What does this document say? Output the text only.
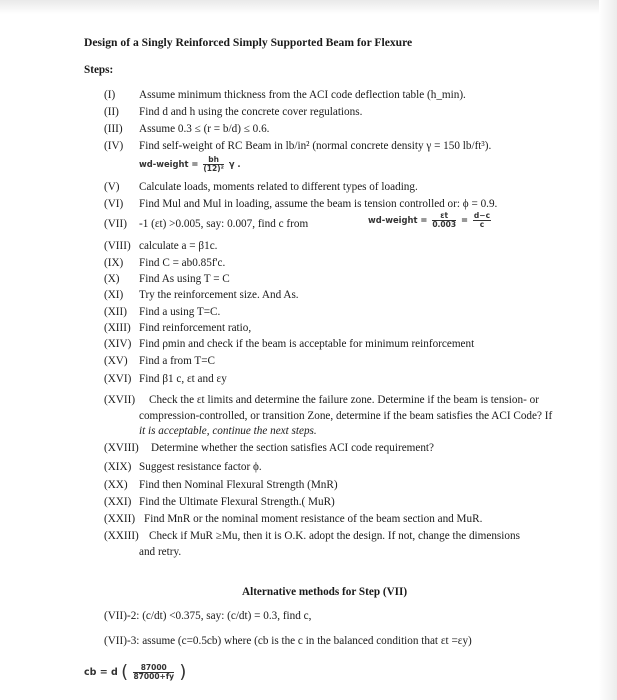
Design of a Singly Reinforced Simply Supported Beam for Flexure
Steps:
(I) Assume minimum thickness from the ACI code deflection table (h_min).
(II) Find d and h using the concrete cover regulations.
(III) Assume 0.3 ≤ (r = b/d) ≤ 0.6.
(IV) Find self-weight of RC Beam in lb/in² (normal concrete density γ = 150 lb/ft³).
wd-weight = $\frac{bh}{\text{(12)²}}$ γ .
(V) Calculate loads, moments related to different types of loading.
(VI) Find Mul and Mul in loading, assume the beam is tension controlled or: ϕ = 0.9.
(VII) -1 (εt) >0.005, say: 0.007, find c from	wd-weight = $\frac{\varepsilon t}{0.003} = \frac{d-c}{c}$
(VIII) calculate a = β1c.
(IX) Find C = ab0.85f'c.
(X) Find As using T = C
(XI) Try the reinforcement size. And As.
(XII) Find a using T=C.
(XIII) Find reinforcement ratio,
(XIV) Find ρmin and check if the beam is acceptable for minimum reinforcement
(XV) Find a from T=C
(XVI) Find β1 c, εt and εy
(XVII) Check the εt limits and determine the failure zone. Determine if the beam is tension- or
compression-controlled, or transition Zone, determine if the beam satisfies the ACI Code? If
it is acceptable, continue the next steps.
(XVIII) Determine whether the section satisfies ACI code requirement?
(XIX) Suggest resistance factor ϕ.
(XX) Find then Nominal Flexural Strength (MnR)
(XXI) Find the Ultimate Flexural Strength.( MuR)
(XXII) Find MnR or the nominal moment resistance of the beam section and MuR.
(XXIII) Check if MuR ≥Mu, then it is O.K. adopt the design. If not, change the dimensions
and retry.
Alternative methods for Step (VII)
(VII)-2: (c/dt) <0.375, say: (c/dt) = 0.3, find c,
(VII)-3: assume (c=0.5cb) where (cb is the c in the balanced condition that εt =εy)
cb = d ( $\frac{87000}{87000+fy}$ )
